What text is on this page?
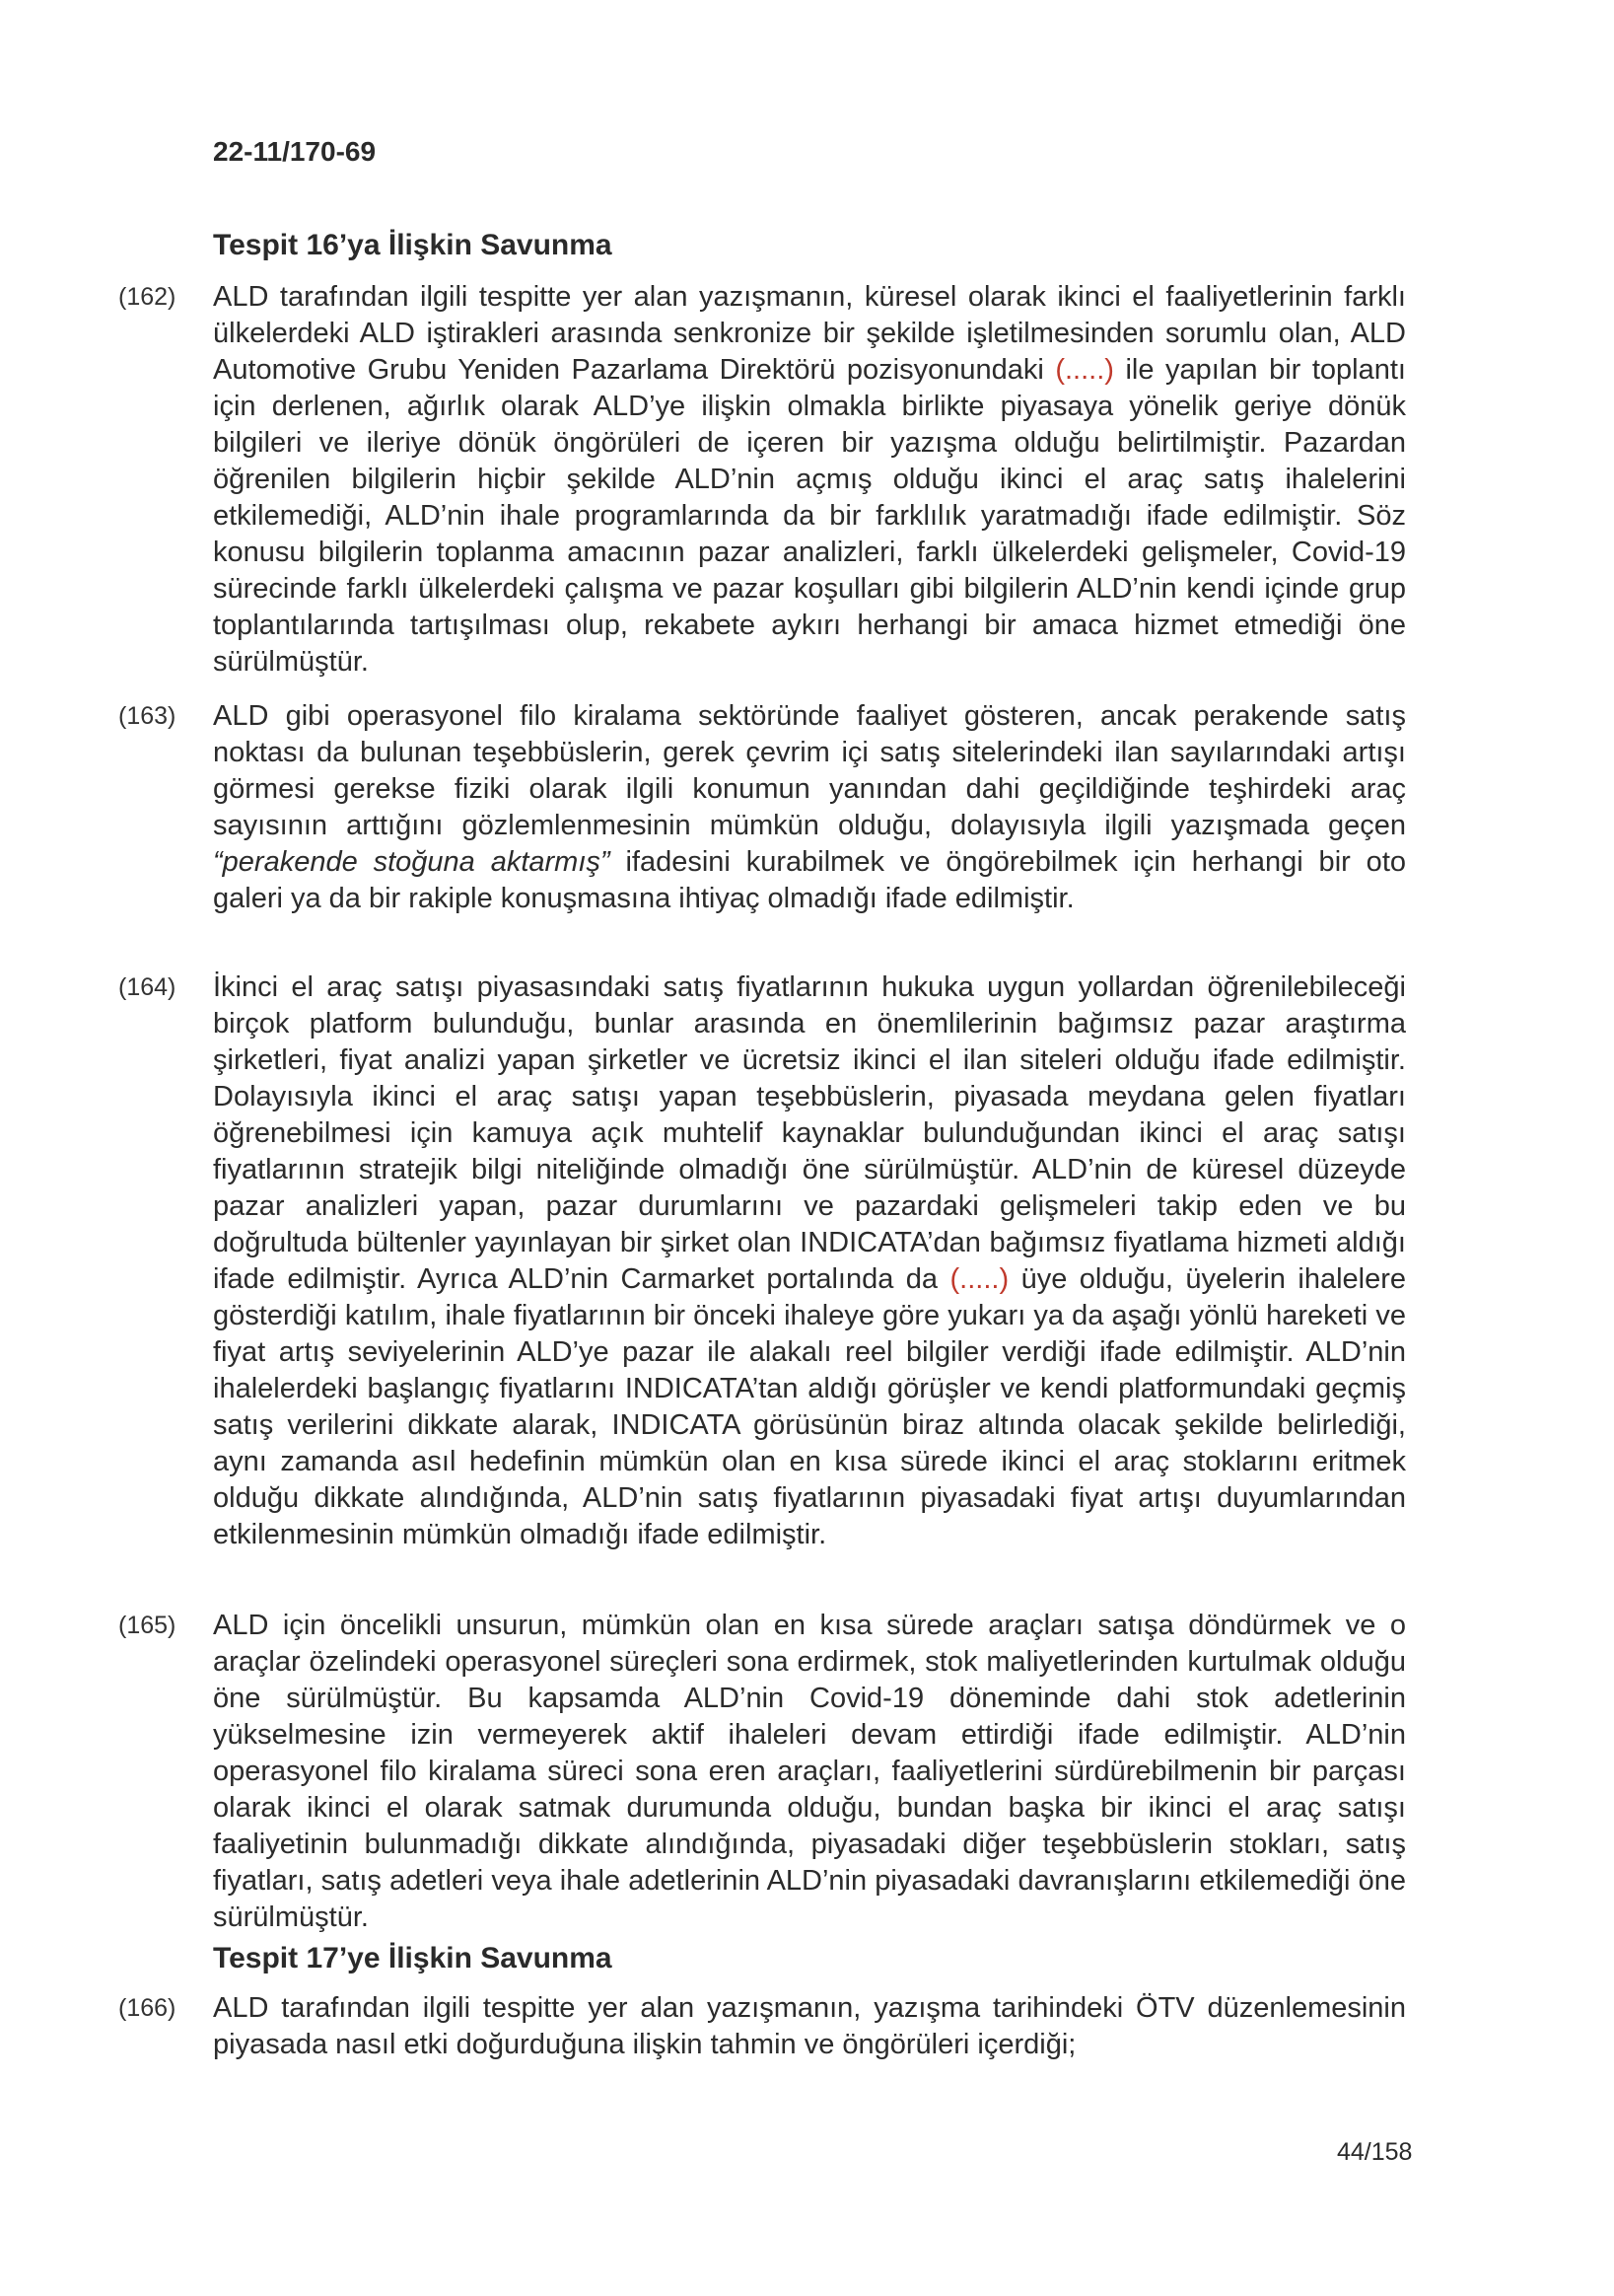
22-11/170-69
Tespit 16’ya İlişkin Savunma
(162) ALD tarafından ilgili tespitte yer alan yazışmanın, küresel olarak ikinci el faaliyetlerinin farklı ülkelerdeki ALD iştirakleri arasında senkronize bir şekilde işletilmesinden sorumlu olan, ALD Automotive Grubu Yeniden Pazarlama Direktörü pozisyonundaki (.....) ile yapılan bir toplantı için derlenen, ağırlık olarak ALD’ye ilişkin olmakla birlikte piyasaya yönelik geriye dönük bilgileri ve ileriye dönük öngörüleri de içeren bir yazışma olduğu belirtilmiştir. Pazardan öğrenilen bilgilerin hiçbir şekilde ALD’nin açmış olduğu ikinci el araç satış ihalelerini etkilemediği, ALD’nin ihale programlarında da bir farklılık yaratmadığı ifade edilmiştir. Söz konusu bilgilerin toplanma amacının pazar analizleri, farklı ülkelerdeki gelişmeler, Covid-19 sürecinde farklı ülkelerdeki çalışma ve pazar koşulları gibi bilgilerin ALD’nin kendi içinde grup toplantılarında tartışılması olup, rekabete aykırı herhangi bir amaca hizmet etmediği öne sürülmüştür.
(163) ALD gibi operasyonel filo kiralama sektöründe faaliyet gösteren, ancak perakende satış noktası da bulunan teşebbüslerin, gerek çevrim içi satış sitelerindeki ilan sayılarındaki artışı görmesi gerekse fiziki olarak ilgili konumun yanından dahi geçildiğinde teşhirdeki araç sayısının arttığını gözlemlenmesinin mümkün olduğu, dolayısıyla ilgili yazışmada geçen “perakende stoğuna aktarmış” ifadesini kurabilmek ve öngörebilmek için herhangi bir oto galeri ya da bir rakiple konuşmasına ihtiyaç olmadığı ifade edilmiştir.
(164) İkinci el araç satışı piyasasındaki satış fiyatlarının hukuka uygun yollardan öğrenilebileceği birçok platform bulunduğu, bunlar arasında en önemlilerinin bağımsız pazar araştırma şirketleri, fiyat analizi yapan şirketler ve ücretsiz ikinci el ilan siteleri olduğu ifade edilmiştir. Dolayısıyla ikinci el araç satışı yapan teşebbüslerin, piyasada meydana gelen fiyatları öğrenebilmesi için kamuya açık muhtelif kaynaklar bulunduğundan ikinci el araç satışı fiyatlarının stratejik bilgi niteliğinde olmadığı öne sürülmüştür. ALD’nin de küresel düzeyde pazar analizleri yapan, pazar durumlarını ve pazardaki gelişmeleri takip eden ve bu doğrultuda bültenler yayınlayan bir şirket olan INDICATA’dan bağımsız fiyatlama hizmeti aldığı ifade edilmiştir. Ayrıca ALD’nin Carmarket portalında da (.....) üye olduğu, üyelerin ihalelere gösterdiği katılım, ihale fiyatlarının bir önceki ihaleye göre yukarı ya da aşağı yönlü hareketi ve fiyat artış seviyelerinin ALD’ye pazar ile alakalı reel bilgiler verdiği ifade edilmiştir. ALD’nin ihalelerdeki başlangıç fiyatlarını INDICATA’tan aldığı görüşler ve kendi platformundaki geçmiş satış verilerini dikkate alarak, INDICATA görüsünün biraz altında olacak şekilde belirlediği, aynı zamanda asıl hedefinin mümkün olan en kısa sürede ikinci el araç stoklarını eritmek olduğu dikkate alındığında, ALD’nin satış fiyatlarının piyasadaki fiyat artışı duyumlarından etkilenmesinin mümkün olmadığı ifade edilmiştir.
(165) ALD için öncelikli unsurun, mümkün olan en kısa sürede araçları satışa döndürmek ve o araçlar özelindeki operasyonel süreçleri sona erdirmek, stok maliyetlerinden kurtulmak olduğu öne sürülmüştür. Bu kapsamda ALD’nin Covid-19 döneminde dahi stok adetlerinin yükselmesine izin vermeyerek aktif ihaleleri devam ettirdiği ifade edilmiştir. ALD’nin operasyonel filo kiralama süreci sona eren araçları, faaliyetlerini sürdürebilmenin bir parçası olarak ikinci el olarak satmak durumunda olduğu, bundan başka bir ikinci el araç satışı faaliyetinin bulunmadığı dikkate alındığında, piyasadaki diğer teşebbüslerin stokları, satış fiyatları, satış adetleri veya ihale adetlerinin ALD’nin piyasadaki davranışlarını etkilemediği öne sürülmüştür.
Tespit 17’ye İlişkin Savunma
(166) ALD tarafından ilgili tespitte yer alan yazışmanın, yazışma tarihindeki ÖTV düzenlemesinin piyasada nasıl etki doğurduğuna ilişkin tahmin ve öngörüleri içerdiği;
44/158
